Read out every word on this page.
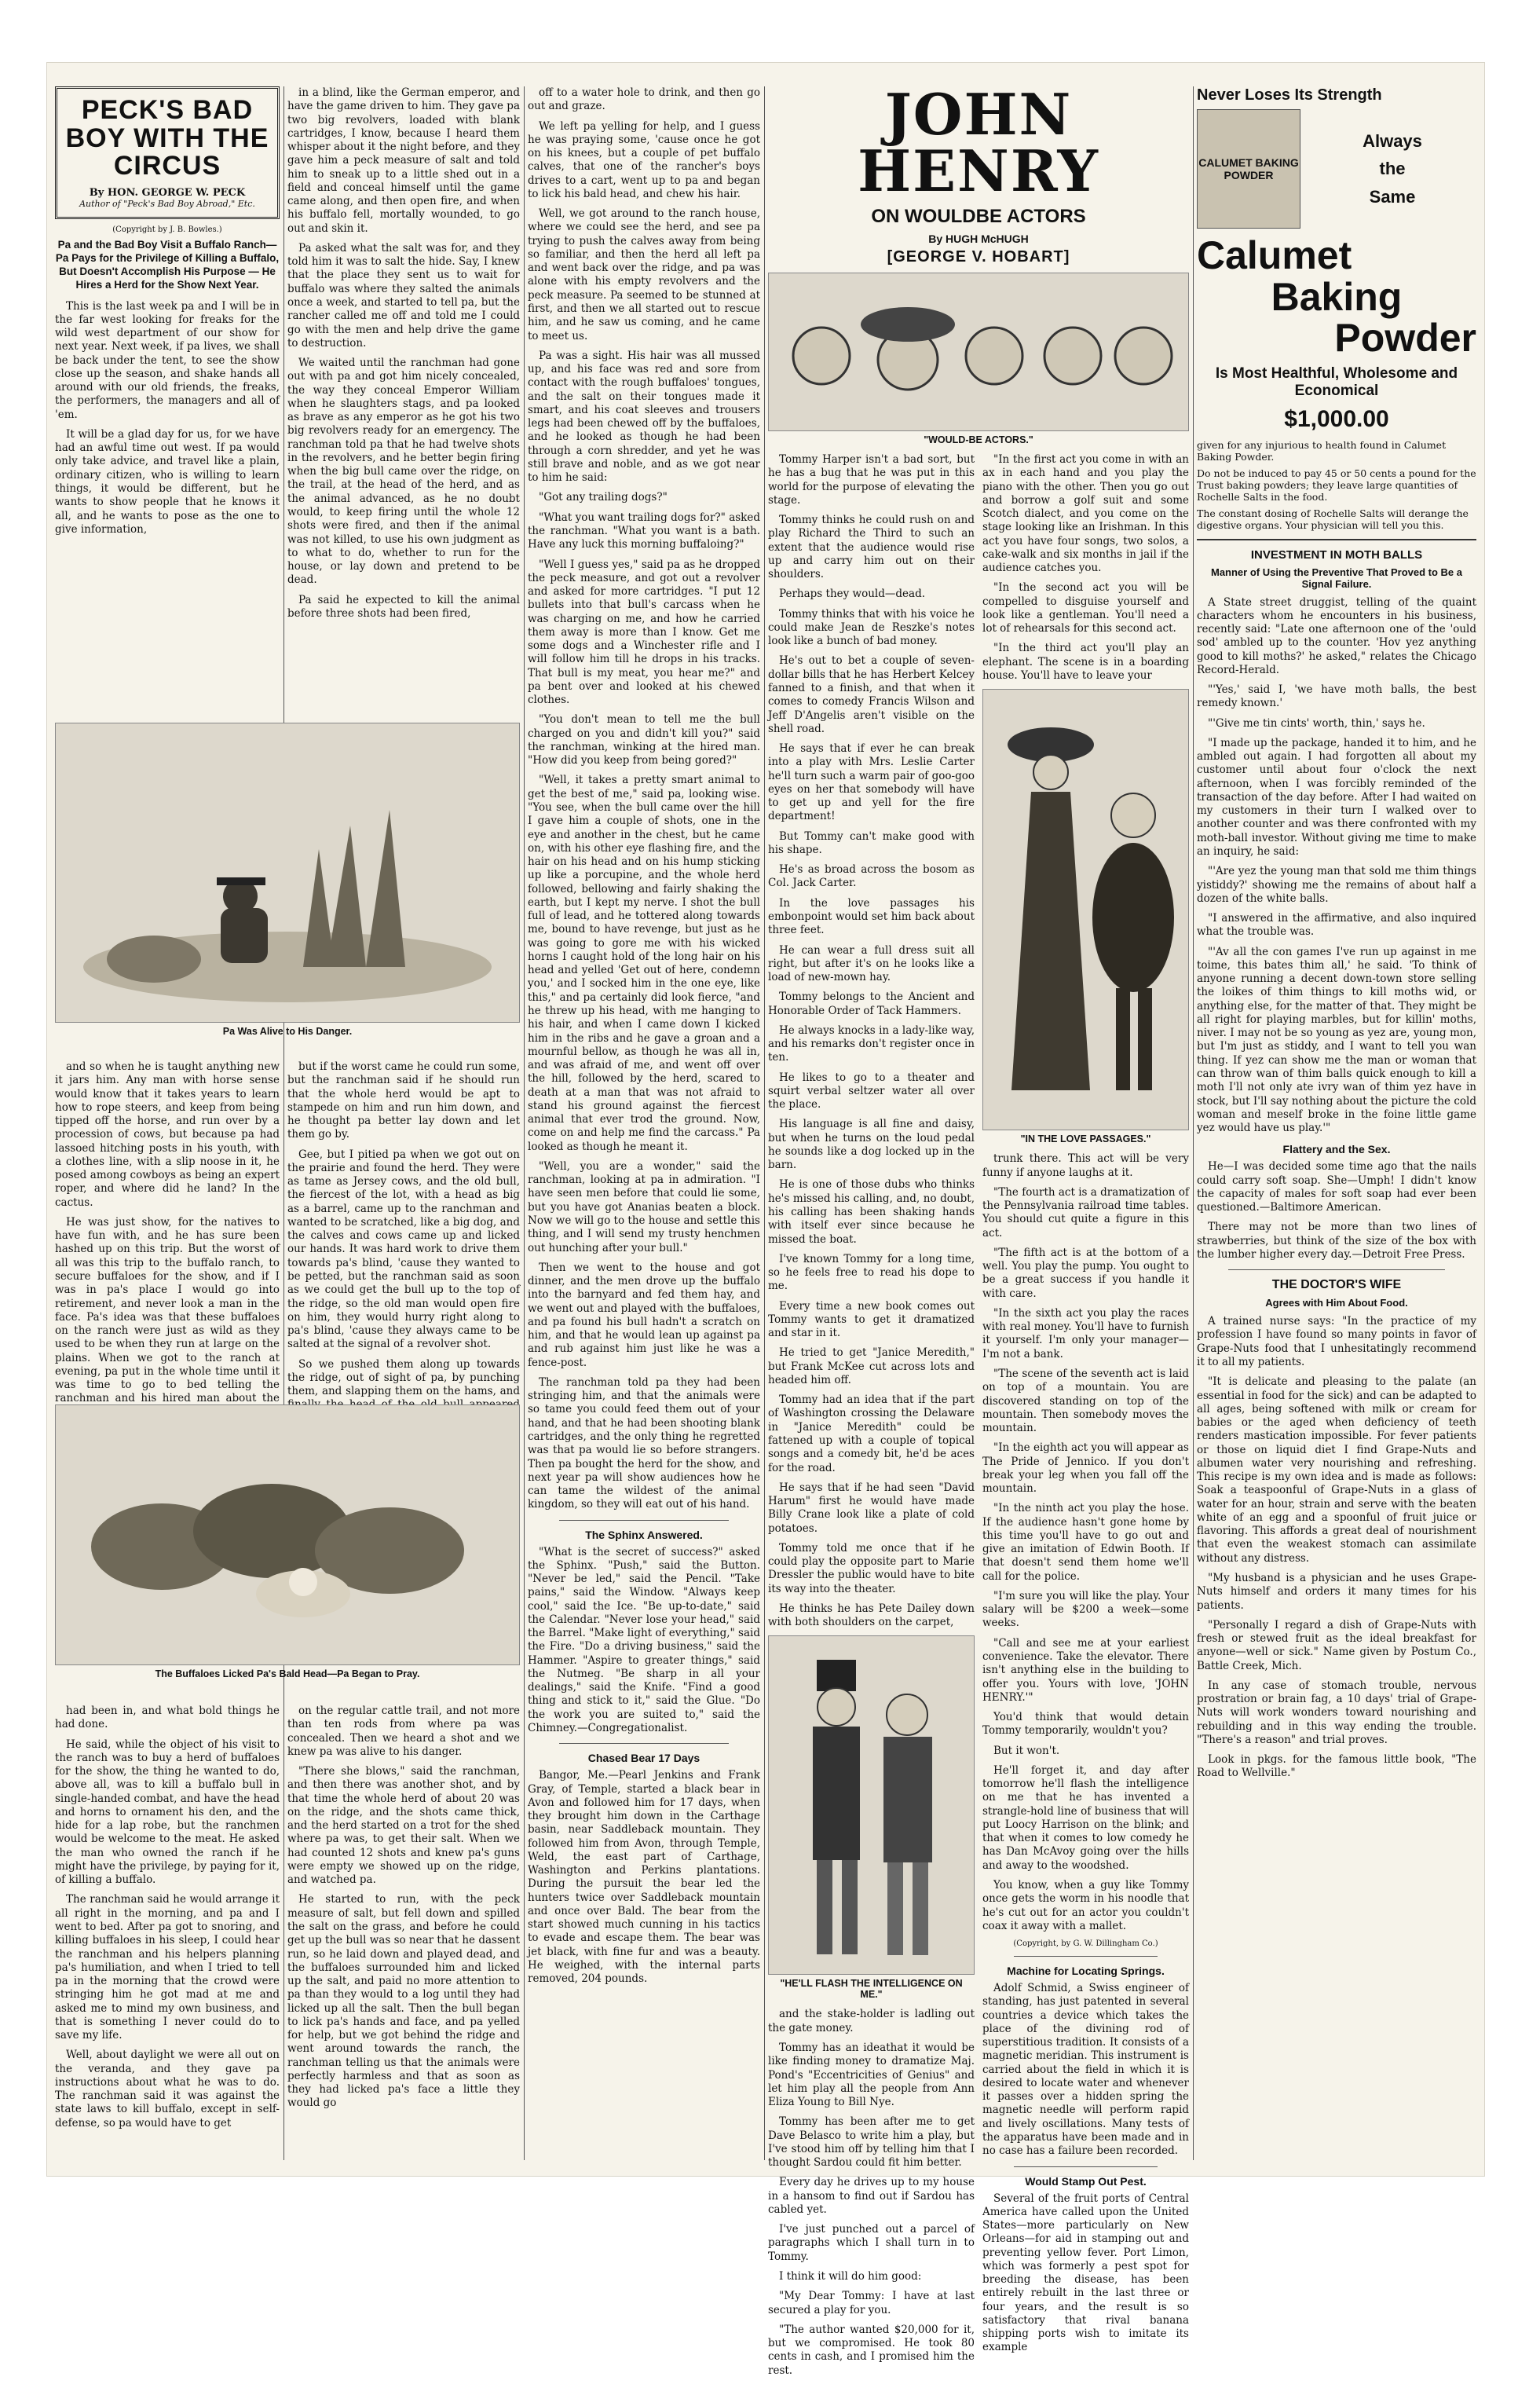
PECK'S BAD BOY WITH THE CIRCUS
By HON. GEORGE W. PECK
Author of "Peck's Bad Boy Abroad," Etc.
(Copyright by J. B. Bowles.)
Pa and the Bad Boy Visit a Buffalo Ranch—Pa Pays for the Privilege of Killing a Buffalo, But Doesn't Accomplish His Purpose — He Hires a Herd for the Show Next Year.

This is the last week pa and I will be in the far west looking for freaks for the wild west department of our show for next year. Next week, if pa lives, we shall be back under the tent, to see the show close up the season, and shake hands all around with our old friends, the freaks, the performers, the managers and all of 'em.

It will be a glad day for us, for we have had an awful time out west. If pa would only take advice, and travel like a plain, ordinary citizen, who is willing to learn things, it would be different, but he wants to show people that he knows it all, and he wants to pose as the one to give information,

in a blind, like the German emperor, and have the game driven to him. They gave pa two big revolvers, loaded with blank cartridges, I know, because I heard them whisper about it the night before, and they gave him a peck measure of salt and told him to sneak up to a little shed out in a field and conceal himself until the game came along, and then open fire, and when his buffalo fell, mortally wounded, to go out and skin it.

Pa asked what the salt was for, and they told him it was to salt the hide. Say, I knew that the place they sent us to wait for buffalo was where they salted the animals once a week, and started to tell pa, but the rancher called me off and told me I could go with the men and help drive the game to destruction.

We waited until the ranchman had gone out with pa and got him nicely concealed, the way they conceal Emperor William when he slaughters stags, and pa looked as brave as any emperor as he got his two big revolvers ready for an emergency. The ranchman told pa that he had twelve shots in the revolvers, and he better begin firing when the big bull came over the ridge, on the trail, at the head of the herd, and as the animal advanced, as he no doubt would, to keep firing until the whole 12 shots were fired, and then if the animal was not killed, to use his own judgment as to what to do, whether to run for the house, or lay down and pretend to be dead.

Pa said he expected to kill the animal before three shots had been fired,

Pa Was Alive to His Danger.

and so when he is taught anything new it jars him. Any man with horse sense would know that it takes years to learn how to rope steers, and keep from being tipped off the horse, and run over by a procession of cows, but because pa had lassoed hitching posts in his youth, with a clothes line, with a slip noose in it, he posed among cowboys as being an expert roper, and where did he land? In the cactus.

He was just show, for the natives to have fun with, and he has sure been hashed up on this trip. But the worst of all was this trip to the buffalo ranch, to secure buffaloes for the show, and if I was in pa's place I would go into retirement, and never look a man in the face. Pa's idea was that these buffaloes on the ranch were just as wild as they used to be when they run at large on the plains. When we got to the ranch at evening, pa put in the whole time until it was time to go to bed telling the ranchman and his hired man about the

but if the worst came he could run some, but the ranchman said if he should run that the whole herd would be apt to stampede on him and run him down, and he thought pa better lay down and let them go by.

Gee, but I pitied pa when we got out on the prairie and found the herd. They were as tame as Jersey cows, and the old bull, the fiercest of the lot, with a head as big as a barrel, came up to the ranchman and wanted to be scratched, like a big dog, and the calves and cows came up and licked our hands. It was hard work to drive them towards pa's blind, 'cause they wanted to be petted, but the ranchman said as soon as we could get the bull up to the top of the ridge, so the old man would open fire on him, they would hurry right along to pa's blind, 'cause they always came to be salted at the signal of a revolver shot.

So we pushed them along up towards the ridge, out of sight of pa, by punching them, and slapping them on the hams, and

The Buffaloes Licked Pa's Bald Head—Pa Began to Pray.

had been in, and what bold things he had done.

He said, while the object of his visit to the ranch was to buy a herd of buffaloes for the show, the thing he wanted to do, above all, was to kill a buffalo bull in single-handed combat, and have the head and horns to ornament his den, and the hide for a lap robe, but the ranchmen would be welcome to the meat. He asked the man who owned the ranch if he might have the privilege, by paying for it, of killing a buffalo.

The ranchman said he would arrange it all right in the morning, and pa and I went to bed. After pa got to snoring, and killing buffaloes in his sleep, I could hear the ranchman and his helpers planning pa's humiliation, and when I tried to tell pa in the morning that the crowd were stringing him he got mad at me and asked me to mind my own business, and that is something I never could do to save my life.

Well, about daylight we were all out on the veranda, and they gave pa instructions about what he was to do. The ranchman said it was against the state laws to kill buffalo, except in self-defense, so pa would have to get

on the regular cattle trail, and not more than ten rods from where pa was concealed. Then we heard a shot and we knew pa was alive to his danger.

"There she blows," said the ranchman, and then there was another shot, and by that time the whole herd of about 20 was on the ridge, and the shots came thick, and the herd started on a trot for the shed where pa was, to get their salt. When we had counted 12 shots and knew pa's guns were empty we showed up on the ridge, and watched pa.

He started to run, with the peck measure of salt, but fell down and spilled the salt on the grass, and before he could get up the bull was so near that he dassent run, so he laid down and played dead, and the buffaloes surrounded him and licked up the salt, and paid no more attention to pa than they would to a log until they had licked up all the salt. Then the bull began to lick pa's hands and face, and pa yelled for help, but we got behind the ridge and went around towards the ranch, the ranchman telling us that the animals were perfectly harmless and that as soon as they had licked pa's face a little they would go

off to a water hole to drink, and then go out and graze.

We left pa yelling for help, and I guess he was praying some, 'cause once he got on his knees, but a couple of pet buffalo calves, that one of the rancher's boys drives to a cart, went up to pa and began to lick his bald head, and chew his hair.

Well, we got around to the ranch house, where we could see the herd, and see pa trying to push the calves away from being so familiar, and then the herd all left pa and went back over the ridge, and pa was alone with his empty revolvers and the peck measure. Pa seemed to be stunned at first, and then we all started out to rescue him, and he saw us coming, and he came to meet us.

Pa was a sight. His hair was all mussed up, and his face was red and sore from contact with the rough buffaloes' tongues, and the salt on their tongues made it smart, and his coat sleeves and trousers legs had been chewed off by the buffaloes, and he looked as though he had been through a corn shredder, and yet he was still brave and noble, and as we got near to him he said:

"Got any trailing dogs?"

"What you want trailing dogs for?" asked the ranchman. "What you want is a bath. Have any luck this morning buffaloing?"

"Well I guess yes," said pa as he dropped the peck measure, and got out a revolver and asked for more cartridges. "I put 12 bullets into that bull's carcass when he was charging on me, and how he carried them away is more than I know. Get me some dogs and a Winchester rifle and I will follow him till he drops in his tracks. That bull is my meat, you hear me?" and pa bent over and looked at his chewed clothes.

"You don't mean to tell me the bull charged on you and didn't kill you?" said the ranchman, winking at the hired man. "How did you keep from being gored?"

"Well, it takes a pretty smart animal to get the best of me," said pa, looking wise. "You see, when the bull came over the hill I gave him a couple of shots, one in the eye and another in the chest, but he came on, with his other eye flashing fire, and the hair on his head and on his hump sticking up like a porcupine, and the whole herd followed, bellowing and fairly shaking the earth, but I kept my nerve. I shot the bull full of lead, and he tottered along towards me, bound to have revenge, but just as he was going to gore me with his wicked horns I caught hold of the long hair on his head and yelled 'Get out of here, condemn you,' and I socked him in the one eye, like this," and pa certainly did look fierce, "and he threw up his head, with me hanging to his hair, and when I came down I kicked him in the ribs and he gave a groan and a mournful bellow, as though he was all in, and was afraid of me, and went off over the hill, followed by the herd, scared to death at a man that was not afraid to stand his ground against the fiercest animal that ever trod the ground. Now, come on and help me find the carcass." Pa looked as though he meant it.

"Well, you are a wonder," said the ranchman, looking at pa in admiration. "I have seen men before that could lie some, but you have got Ananias beaten a block. Now we will go to the house and settle this thing, and I will send my trusty henchmen out hunching after your bull."

Then we went to the house and got dinner, and the men drove up the buffalo into the barnyard and fed them hay, and we went out and played with the buffaloes, and pa found his bull hadn't a scratch on him, and that he would lean up against pa and rub against him just like he was a fence-post.

The ranchman told pa they had been stringing him, and that the animals were so tame you could feed them out of your hand, and that he had been shooting blank cartridges, and the only thing he regretted was that pa would lie so before strangers. Then pa bought the herd for the show, and next year pa will show audiences how he can tame the wildest of the animal kingdom, so they will eat out of his hand.

The Sphinx Answered.

"What is the secret of success?" asked the Sphinx. "Push," said the Button. "Never be led," said the Pencil. "Take pains," said the Window. "Always keep cool," said the Ice. "Be up-to-date," said the Calendar. "Never lose your head," said the Barrel. "Make light of everything," said the Fire. "Do a driving business," said the Hammer. "Aspire to greater things," said the Nutmeg. "Be sharp in all your dealings," said the Knife. "Find a good thing and stick to it," said the Glue. "Do the work you are suited to," said the Chimney.—Congregationalist.

Chased Bear 17 Days

Bangor, Me.—Pearl Jenkins and Frank Gray, of Temple, started a black bear in Avon and followed him for 17 days, when they brought him down in the Carthage basin, near Saddleback mountain. They followed him from Avon, through Temple, Weld, the east part of Carthage, Washington and Perkins plantations. During the pursuit the bear led the hunters twice over Saddleback mountain and once over Bald. The bear from the start showed much cunning in his tactics to evade and escape them. The bear was jet black, with fine fur and was a beauty. He weighed, with the internal parts removed, 204 pounds.

JOHN HENRY
ON WOULDBE ACTORS
By HUGH McHUGH
[GEORGE V. HOBART]
"WOULD-BE ACTORS."

Tommy Harper isn't a bad sort, but he has a bug that he was put in this world for the purpose of elevating the stage.

Tommy thinks he could rush on and play Richard the Third to such an extent that the audience would rise up and carry him out on their shoulders.

Perhaps they would—dead.

Tommy thinks that with his voice he could make Jean de Reszke's notes look like a bunch of bad money.

He's out to bet a couple of seven-dollar bills that he has Herbert Kelcey fanned to a finish, and that when it comes to comedy Francis Wilson and Jeff D'Angelis aren't visible on the shell road.

He says that if ever he can break into a play with Mrs. Leslie Carter he'll turn such a warm pair of goo-goo eyes on her that somebody will have to get up and yell for the fire department!

But Tommy can't make good with his shape.

He's as broad across the bosom as Col. Jack Carter.

In the love passages his embonpoint would set him back about three feet.

He can wear a full dress suit all right, but after it's on he looks like a load of new-mown hay.

Tommy belongs to the Ancient and Honorable Order of Tack Hammers.

He always knocks in a lady-like way, and his remarks don't register once in ten.

He likes to go to a theater and squirt verbal seltzer water all over the place.

His language is all fine and daisy, but when he turns on the loud pedal he sounds like a dog locked up in the barn.

He is one of those dubs who thinks he's missed his calling, and, no doubt, his calling has been shaking hands with itself ever since because he missed the boat.

I've known Tommy for a long time, so he feels free to read his dope to me.

Every time a new book comes out Tommy wants to get it dramatized and star in it.

He tried to get "Janice Meredith," but Frank McKee cut across lots and headed him off.

Tommy had an idea that if the part of Washington crossing the Delaware in "Janice Meredith" could be fattened up with a couple of topical songs and a comedy bit, he'd be aces for the road.

He says that if he had seen "David Harum" first he would have made Billy Crane look like a plate of cold potatoes.

Tommy told me once that if he could play the opposite part to Marie Dressler the public would have to bite its way into the theater.

He thinks he has Pete Dailey down with both shoulders on the carpet,

"HE'LL FLASH THE INTELLIGENCE ON ME."

and the stake-holder is ladling out the gate money.

Tommy has an ideathat it would be like finding money to dramatize Maj. Pond's "Eccentricities of Genius" and let him play all the people from Ann Eliza Young to Bill Nye.

Tommy has been after me to get Dave Belasco to write him a play, but I've stood him off by telling him that I thought Sardou could fit him better.

Every day he drives up to my house in a hansom to find out if Sardou has cabled yet.

I've just punched out a parcel of paragraphs which I shall turn in to Tommy.

I think it will do him good:

"My Dear Tommy: I have at last secured a play for you.

"The author wanted $20,000 for it, but we compromised. He took 80 cents in cash, and I promised him the rest.

"In the first act you come in with an ax in each hand and you play the piano with the other. Then you go out and borrow a golf suit and some Scotch dialect, and you come on the stage looking like an Irishman. In this act you have four songs, two solos, a cake-walk and six months in jail if the audience catches you.

"In the second act you will be compelled to disguise yourself and look like a gentleman. You'll need a lot of rehearsals for this second act.

"In the third act you'll play an elephant. The scene is in a boarding house. You'll have to leave your

"IN THE LOVE PASSAGES."

trunk there. This act will be very funny if anyone laughs at it.

"The fourth act is a dramatization of the Pennsylvania railroad time tables. You should cut quite a figure in this act.

"The fifth act is at the bottom of a well. You play the pump. You ought to be a great success if you handle it with care.

"In the sixth act you play the races with real money. You'll have to furnish it yourself. I'm only your manager—I'm not a bank.

"The scene of the seventh act is laid on top of a mountain. You are discovered standing on top of the mountain. Then somebody moves the mountain.

"In the eighth act you will appear as The Pride of Jennico. If you don't break your leg when you fall off the mountain.

"In the ninth act you play the hose. If the audience hasn't gone home by this time you'll have to go out and give an imitation of Edwin Booth. If that doesn't send them home we'll call for the police.

"I'm sure you will like the play. Your salary will be $200 a week—some weeks.

"Call and see me at your earliest convenience. Take the elevator. There isn't anything else in the building to offer you. Yours with love, 'JOHN HENRY.'"

You'd think that would detain Tommy temporarily, wouldn't you?

But it won't.

He'll forget it, and day after tomorrow he'll flash the intelligence on me that he has invented a strangle-hold line of business that will put Loocy Harrison on the blink; and that when it comes to low comedy he has Dan McAvoy going over the hills and away to the woodshed.

You know, when a guy like Tommy once gets the worm in his noodle that he's cut out for an actor you couldn't coax it away with a mallet.

(Copyright, by G. W. Dillingham Co.)
Machine for Locating Springs.

Adolf Schmid, a Swiss engineer of standing, has just patented in several countries a device which takes the place of the divining rod of superstitious tradition. It consists of a magnetic meridian. This instrument is carried about the field in which it is desired to locate water and whenever it passes over a hidden spring the magnetic needle will perform rapid and lively oscillations. Many tests of the apparatus have been made and in no case has a failure been recorded.

Would Stamp Out Pest.

Several of the fruit ports of Central America have called upon the United States—more particularly on New Orleans—for aid in stamping out and preventing yellow fever. Port Limon, which was formerly a pest spot for breeding the disease, has been entirely rebuilt in the last three or four years, and the result is so satisfactory that rival banana shipping ports wish to imitate its example

Never Loses Its Strength
CALUMET BAKING POWDER
Always
the
Same
Calumet
Baking
Powder
Is Most Healthful, Wholesome and Economical
$1,000.00
given for any injurious to health found in Calumet Baking Powder.
Do not be induced to pay 45 or 50 cents a pound for the Trust baking powders; they leave large quantities of Rochelle Salts in the food.
The constant dosing of Rochelle Salts will derange the digestive organs. Your physician will tell you this.
INVESTMENT IN MOTH BALLS
Manner of Using the Preventive That Proved to Be a Signal Failure.

A State street druggist, telling of the quaint characters whom he encounters in his business, recently said: "Late one afternoon one of the 'ould sod' ambled up to the counter. 'Hov yez anything good to kill moths?' he asked," relates the Chicago Record-Herald.

"'Yes,' said I, 'we have moth balls, the best remedy known.'

"'Give me tin cints' worth, thin,' says he.

"I made up the package, handed it to him, and he ambled out again. I had forgotten all about my customer until about four o'clock the next afternoon, when I was forcibly reminded of the transaction of the day before. After I had waited on my customers in their turn I walked over to another counter and was there confronted with my moth-ball investor. Without giving me time to make an inquiry, he said:

"'Are yez the young man that sold me thim things yistiddy?' showing me the remains of about half a dozen of the white balls.

"I answered in the affirmative, and also inquired what the trouble was.

"'Av all the con games I've run up against in me toime, this bates thim all,' he said. 'To think of anyone running a decent down-town store selling the loikes of thim things to kill moths wid, or anything else, for the matter of that. They might be all right for playing marbles, but for killin' moths, niver. I may not be so young as yez are, young mon, but I'm just as stiddy, and I want to tell you wan thing. If yez can show me the man or woman that can throw wan of thim balls quick enough to kill a moth I'll not only ate ivry wan of thim yez have in stock, but I'll say nothing about the picture the cold woman and meself broke in the foine little game yez would have us play.'"

Flattery and the Sex.

He—I was decided some time ago that the nails could carry soft soap. She—Umph! I didn't know the capacity of males for soft soap had ever been questioned.—Baltimore American.

There may not be more than two lines of strawberries, but think of the size of the box with the lumber higher every day.—Detroit Free Press.

THE DOCTOR'S WIFE
Agrees with Him About Food.

A trained nurse says: "In the practice of my profession I have found so many points in favor of Grape-Nuts food that I unhesitatingly recommend it to all my patients.

"It is delicate and pleasing to the palate (an essential in food for the sick) and can be adapted to all ages, being softened with milk or cream for babies or the aged when deficiency of teeth renders mastication impossible. For fever patients or those on liquid diet I find Grape-Nuts and albumen water very nourishing and refreshing. This recipe is my own idea and is made as follows: Soak a teaspoonful of Grape-Nuts in a glass of water for an hour, strain and serve with the beaten white of an egg and a spoonful of fruit juice or flavoring. This affords a great deal of nourishment that even the weakest stomach can assimilate without any distress.

"My husband is a physician and he uses Grape-Nuts himself and orders it many times for his patients.

"Personally I regard a dish of Grape-Nuts with fresh or stewed fruit as the ideal breakfast for anyone—well or sick." Name given by Postum Co., Battle Creek, Mich.

In any case of stomach trouble, nervous prostration or brain fag, a 10 days' trial of Grape-Nuts will work wonders toward nourishing and rebuilding and in this way ending the trouble. "There's a reason" and trial proves.

Look in pkgs. for the famous little book, "The Road to Wellville."
